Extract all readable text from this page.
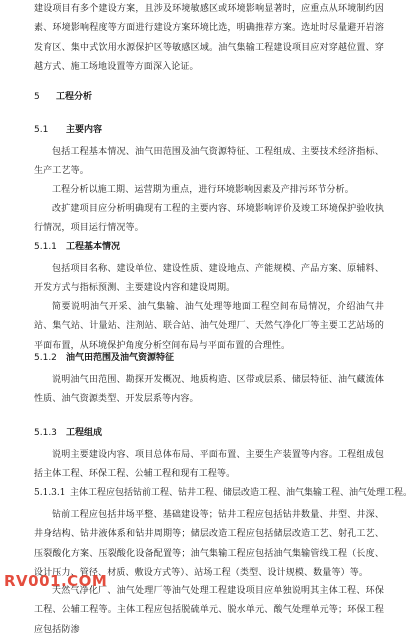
建设项目有多个建设方案，且涉及环境敏感区或环境影响显著时，应重点从环境制约因素、环境影响程度等方面进行建设方案环境比选，明确推荐方案。选址时尽量避开岩溶发育区、集中式饮用水源保护区等敏感区域。油气集输工程建设项目应对穿越位置、穿越方式、施工场地设置等方面深入论证。
5 工程分析
5.1 主要内容
包括工程基本情况、油气田范围及油气资源特征、工程组成、主要技术经济指标、生产工艺等。
工程分析以施工期、运营期为重点，进行环境影响因素及产排污环节分析。
改扩建项目应分析明确现有工程的主要内容、环境影响评价及竣工环境保护验收执行情况，项目运行情况等。
5.1.1 工程基本情况
包括项目名称、建设单位、建设性质、建设地点、产能规模、产品方案、原辅料、开发方式与指标预测、主要建设内容和建设周期。
简要说明油气开采、油气集输、油气处理等地面工程空间布局情况，介绍油气井站、集气站、计量站、注剂站、联合站、油气处理厂、天然气净化厂等主要工艺站场的平面布置，从环境保护角度分析空间布局与平面布置的合理性。
5.1.2 油气田范围及油气资源特征
说明油气田范围、勘探开发概况、地质构造、区带或层系、储层特征、油气藏流体性质、油气资源类型、开发层系等内容。
5.1.3 工程组成
说明主要建设内容、项目总体布局、平面布置、主要生产装置等内容。工程组成包括主体工程、环保工程、公辅工程和现有工程等。
5.1.3.1 主体工程应包括钻前工程、钻井工程、储层改造工程、油气集输工程、油气处理工程。
钻前工程应包括井场平整、基础建设等；钻井工程应包括钻井数量、井型、井深、井身结构、钻井液体系和钻井周期等；储层改造工程应包括储层改造工艺、射孔工艺、压裂酸化方案、压裂酸化设备配置等；油气集输工程应包括油气集输管线工程（长度、设计压力、管径、材质、敷设方式等）、站场工程（类型、设计规模、数量等）等。
天然气净化厂、油气处理厂等油气处理工程建设项目应单独说明其主体工程、环保工程、公辅工程等。主体工程应包括脱硫单元、脱水单元、酸气处理单元等；环保工程应包括防渗
RV001.COM
